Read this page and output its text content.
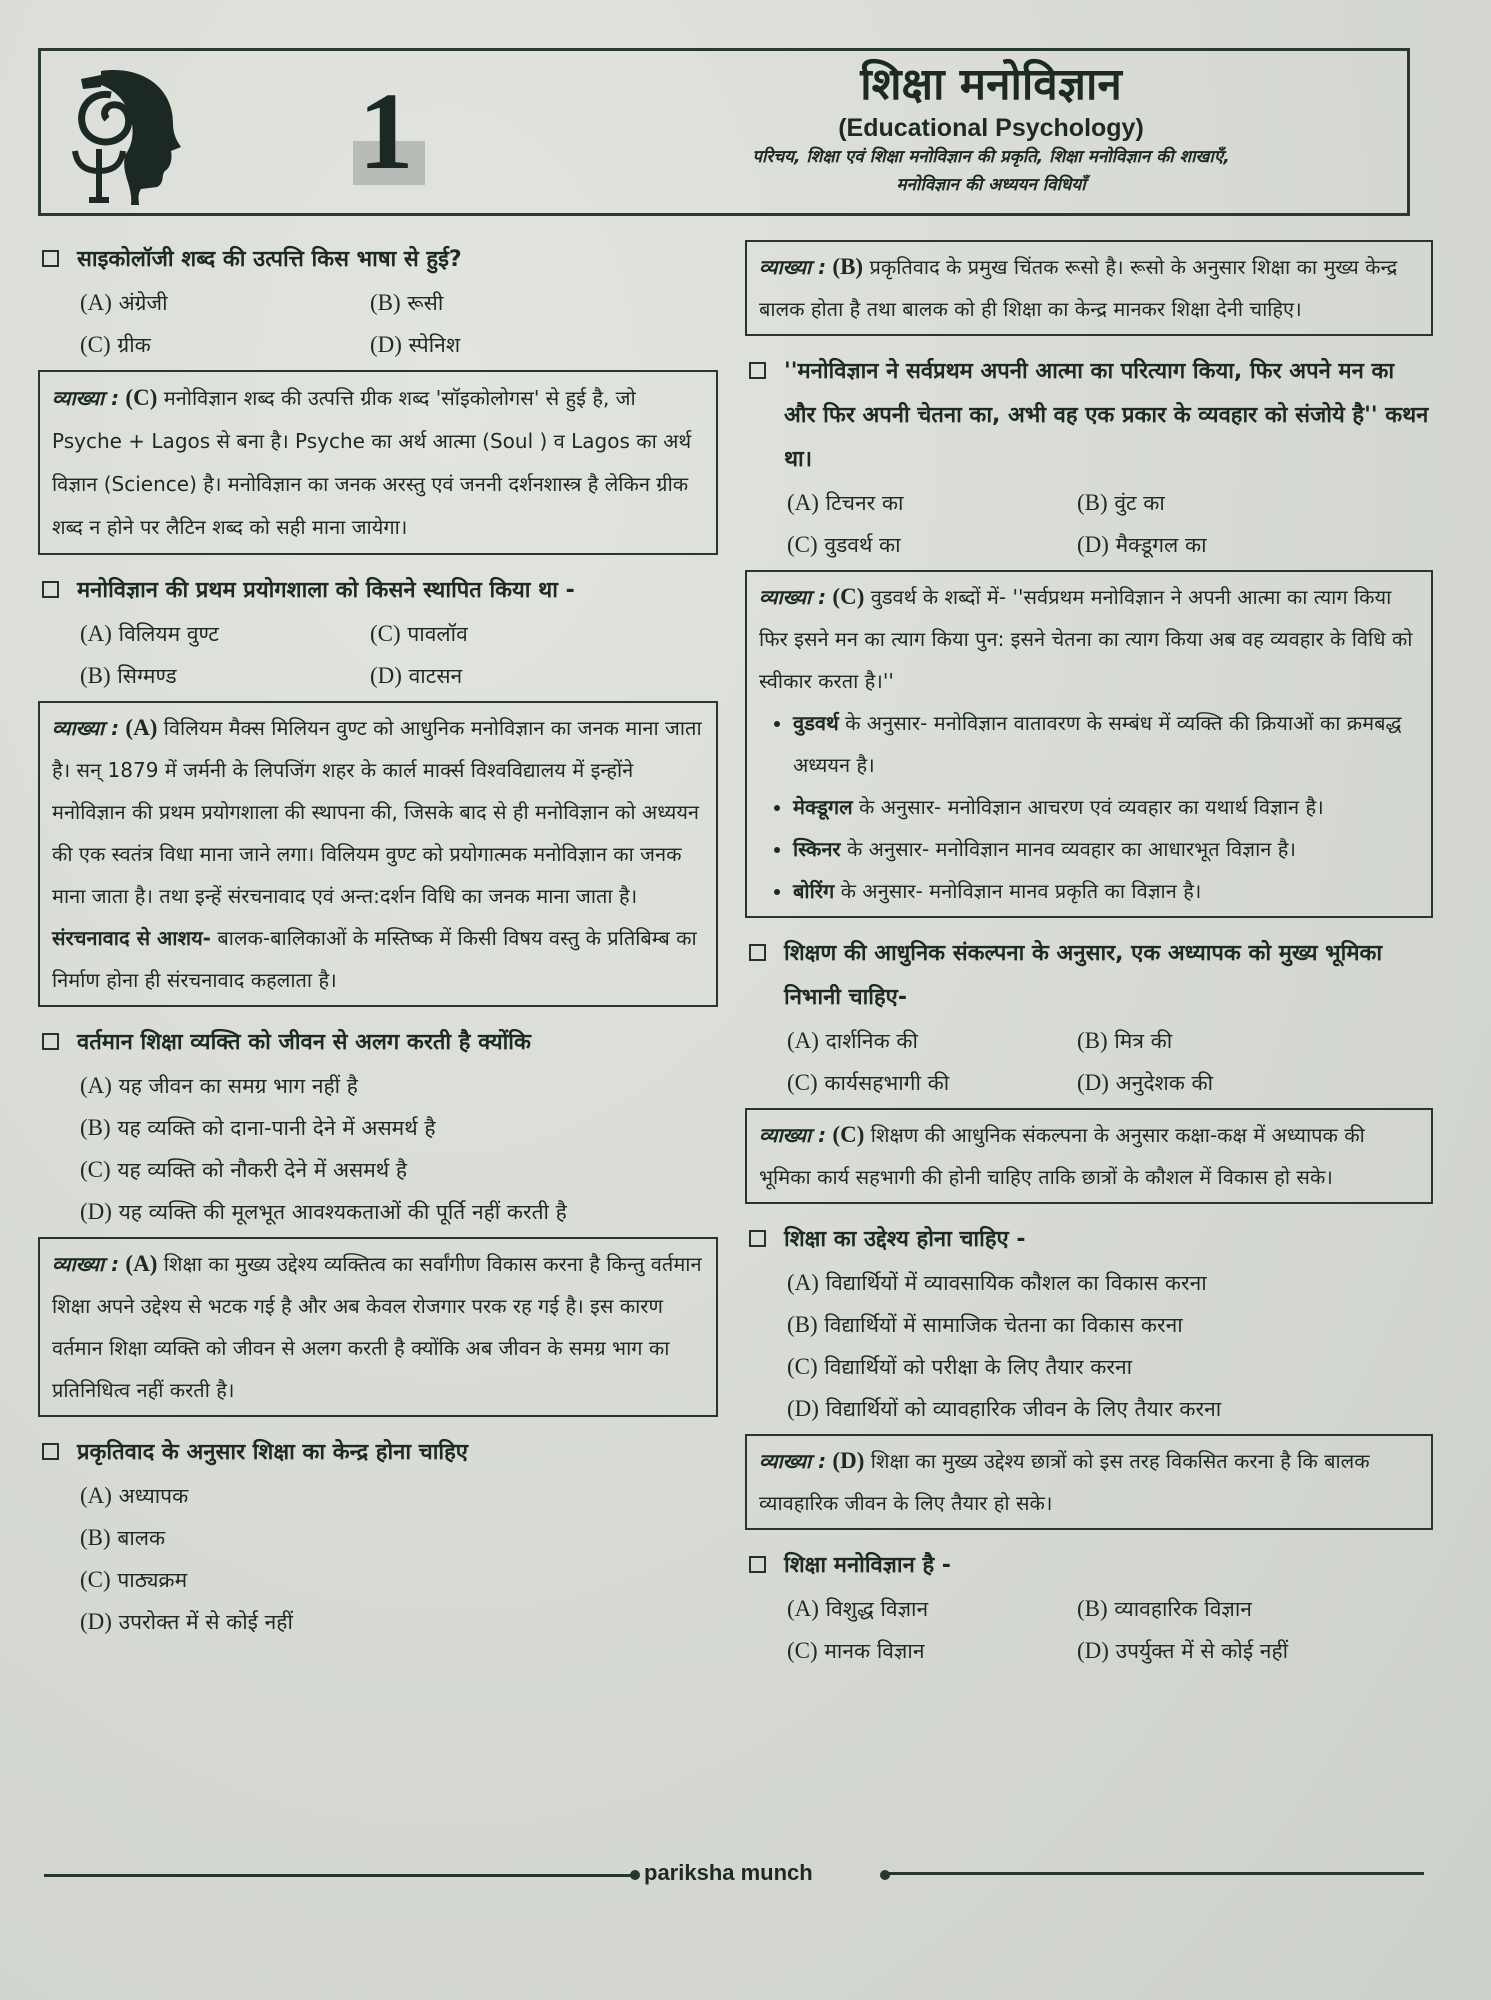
1	शिक्षा मनोविज्ञान
(Educational Psychology)
परिचय, शिक्षा एवं शिक्षा मनोविज्ञान की प्रकृति, शिक्षा मनोविज्ञान की शाखाएँ,
मनोविज्ञान की अध्ययन विधियाँ
साइकोलॉजी शब्द की उत्पत्ति किस भाषा से हुई?
(A) अंग्रेजी	(B) रूसी
(C) ग्रीक	(D) स्पेनिश
व्याख्या : (C) मनोविज्ञान शब्द की उत्पत्ति ग्रीक शब्द 'सॉइकोलोगस' से हुई है, जो Psyche + Lagos से बना है। Psyche का अर्थ आत्मा (Soul ) व Lagos का अर्थ विज्ञान (Science) है। मनोविज्ञान का जनक अरस्तु एवं जननी दर्शनशास्त्र है लेकिन ग्रीक शब्द न होने पर लैटिन शब्द को सही माना जायेगा।
मनोविज्ञान की प्रथम प्रयोगशाला को किसने स्थापित किया था -
(A) विलियम वुण्ट	(C) पावलॉव
(B) सिग्मण्ड	(D) वाटसन
व्याख्या : (A) विलियम मैक्स मिलियन वुण्ट को आधुनिक मनोविज्ञान का जनक माना जाता है। सन् 1879 में जर्मनी के लिपजिंग शहर के कार्ल मार्क्स विश्वविद्यालय में इन्होंने मनोविज्ञान की प्रथम प्रयोगशाला की स्थापना की, जिसके बाद से ही मनोविज्ञान को अध्ययन की एक स्वतंत्र विधा माना जाने लगा। विलियम वुण्ट को प्रयोगात्मक मनोविज्ञान का जनक माना जाता है। तथा इन्हें संरचनावाद एवं अन्त:दर्शन विधि का जनक माना जाता है। संरचनावाद से आशय- बालक-बालिकाओं के मस्तिष्क में किसी विषय वस्तु के प्रतिबिम्ब का निर्माण होना ही संरचनावाद कहलाता है।
वर्तमान शिक्षा व्यक्ति को जीवन से अलग करती है क्योंकि
(A) यह जीवन का समग्र भाग नहीं है
(B) यह व्यक्ति को दाना-पानी देने में असमर्थ है
(C) यह व्यक्ति को नौकरी देने में असमर्थ है
(D) यह व्यक्ति की मूलभूत आवश्यकताओं की पूर्ति नहीं करती है
व्याख्या : (A) शिक्षा का मुख्य उद्देश्य व्यक्तित्व का सर्वांगीण विकास करना है किन्तु वर्तमान शिक्षा अपने उद्देश्य से भटक गई है और अब केवल रोजगार परक रह गई है। इस कारण वर्तमान शिक्षा व्यक्ति को जीवन से अलग करती है क्योंकि अब जीवन के समग्र भाग का प्रतिनिधित्व नहीं करती है।
प्रकृतिवाद के अनुसार शिक्षा का केन्द्र होना चाहिए
(A) अध्यापक
(B) बालक
(C) पाठ्यक्रम
(D) उपरोक्त में से कोई नहीं
व्याख्या : (B) प्रकृतिवाद के प्रमुख चिंतक रूसो है। रूसो के अनुसार शिक्षा का मुख्य केन्द्र बालक होता है तथा बालक को ही शिक्षा का केन्द्र मानकर शिक्षा देनी चाहिए।
''मनोविज्ञान ने सर्वप्रथम अपनी आत्मा का परित्याग किया, फिर अपने मन का और फिर अपनी चेतना का, अभी वह एक प्रकार के व्यवहार को संजोये है'' कथन था।
(A) टिचनर का	(B) वुंट का
(C) वुडवर्थ का	(D) मैक्डूगल का
व्याख्या : (C) वुडवर्थ के शब्दों में- ''सर्वप्रथम मनोविज्ञान ने अपनी आत्मा का त्याग किया फिर इसने मन का त्याग किया पुन: इसने चेतना का त्याग किया अब वह व्यवहार के विधि को स्वीकार करता है।''
• वुडवर्थ के अनुसार- मनोविज्ञान वातावरण के सम्बंध में व्यक्ति की क्रियाओं का क्रमबद्ध अध्ययन है।
• मेक्डूगल के अनुसार- मनोविज्ञान आचरण एवं व्यवहार का यथार्थ विज्ञान है।
• स्किनर के अनुसार- मनोविज्ञान मानव व्यवहार का आधारभूत विज्ञान है।
• बोरिंग के अनुसार- मनोविज्ञान मानव प्रकृति का विज्ञान है।
शिक्षण की आधुनिक संकल्पना के अनुसार, एक अध्यापक को मुख्य भूमिका निभानी चाहिए-
(A) दार्शनिक की	(B) मित्र की
(C) कार्यसहभागी की	(D) अनुदेशक की
व्याख्या : (C) शिक्षण की आधुनिक संकल्पना के अनुसार कक्षा-कक्ष में अध्यापक की भूमिका कार्य सहभागी की होनी चाहिए ताकि छात्रों के कौशल में विकास हो सके।
शिक्षा का उद्देश्य होना चाहिए -
(A) विद्यार्थियों में व्यावसायिक कौशल का विकास करना
(B) विद्यार्थियों में सामाजिक चेतना का विकास करना
(C) विद्यार्थियों को परीक्षा के लिए तैयार करना
(D) विद्यार्थियों को व्यावहारिक जीवन के लिए तैयार करना
व्याख्या : (D) शिक्षा का मुख्य उद्देश्य छात्रों को इस तरह विकसित करना है कि बालक व्यावहारिक जीवन के लिए तैयार हो सके।
शिक्षा मनोविज्ञान है -
(A) विशुद्ध विज्ञान	(B) व्यावहारिक विज्ञान
(C) मानक विज्ञान	(D) उपर्युक्त में से कोई नहीं
pariksha munch
